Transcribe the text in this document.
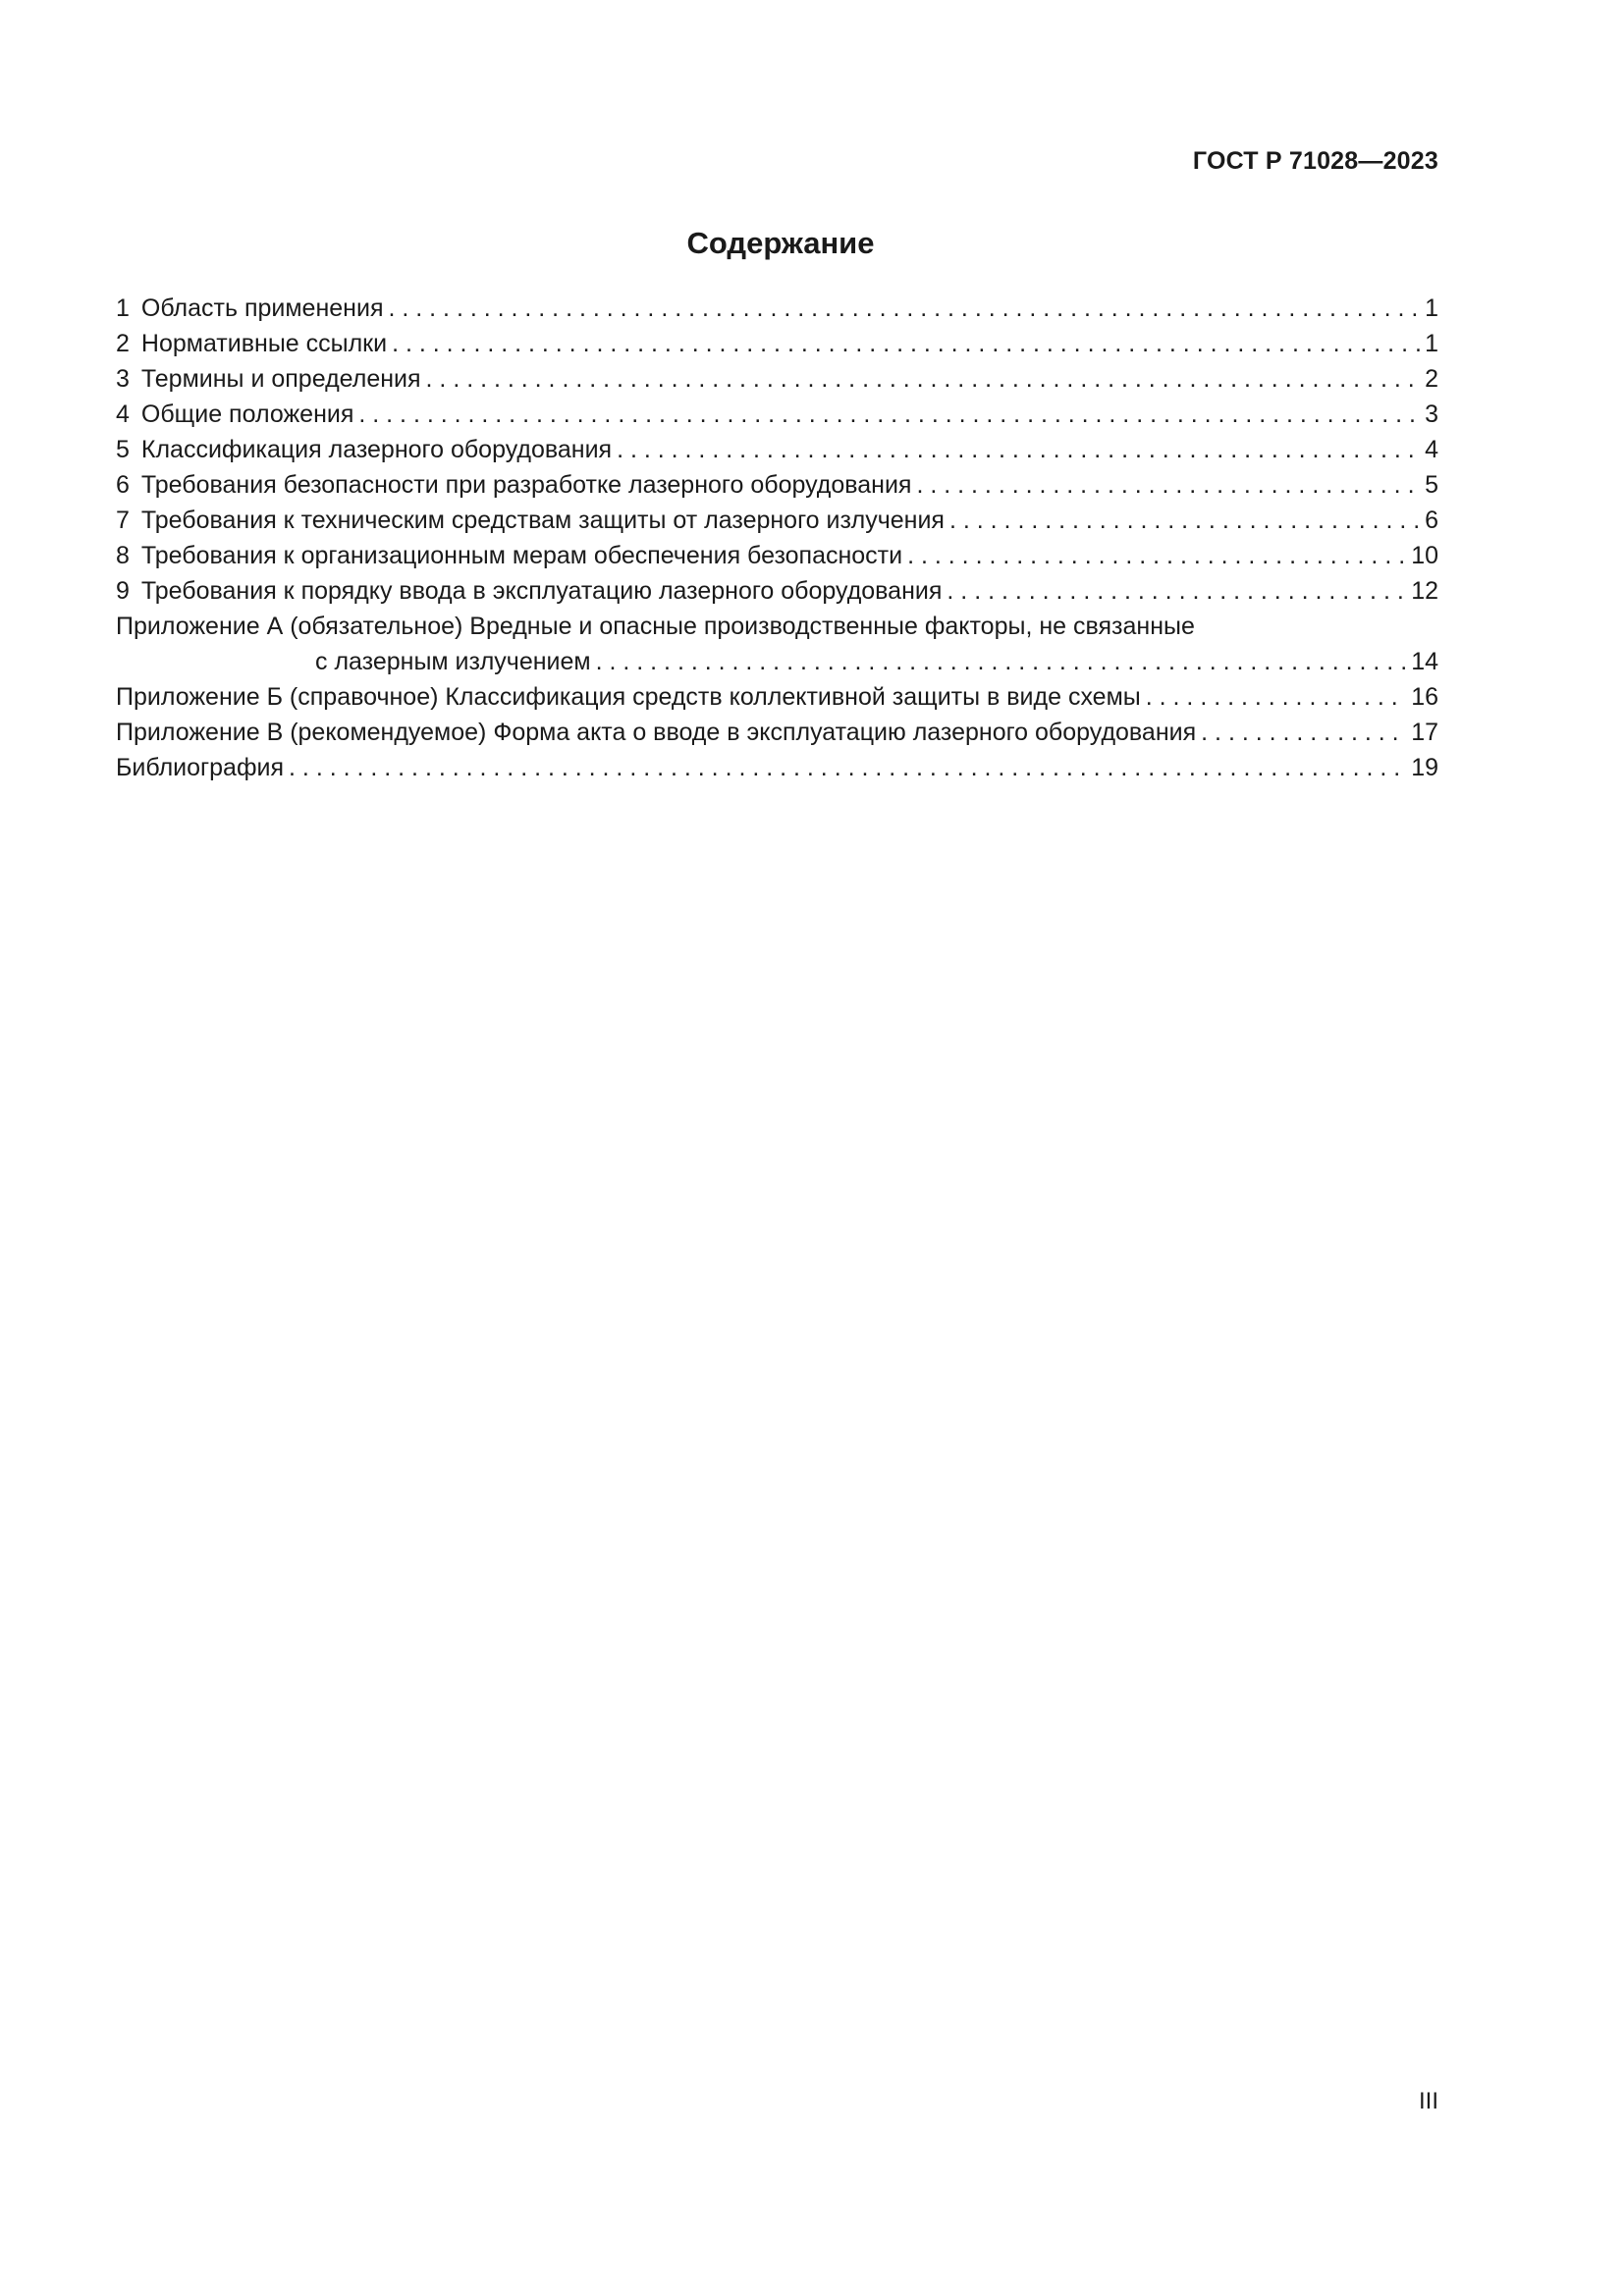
ГОСТ Р 71028—2023
Содержание
1 Область применения . . .	1
2 Нормативные ссылки . . .	1
3 Термины и определения . . .	2
4 Общие положения . . .	3
5 Классификация лазерного оборудования . . .	4
6 Требования безопасности при разработке лазерного оборудования . . .	5
7 Требования к техническим средствам защиты от лазерного излучения . . .	6
8 Требования к организационным мерам обеспечения безопасности . . .	10
9 Требования к порядку ввода в эксплуатацию лазерного оборудования . . .	12
Приложение А (обязательное) Вредные и опасные производственные факторы, не связанные
с лазерным излучением . . .	14
Приложение Б (справочное) Классификация средств коллективной защиты в виде схемы . . .	16
Приложение В (рекомендуемое) Форма акта о вводе в эксплуатацию лазерного оборудования . . .	17
Библиография . . .	19
III
